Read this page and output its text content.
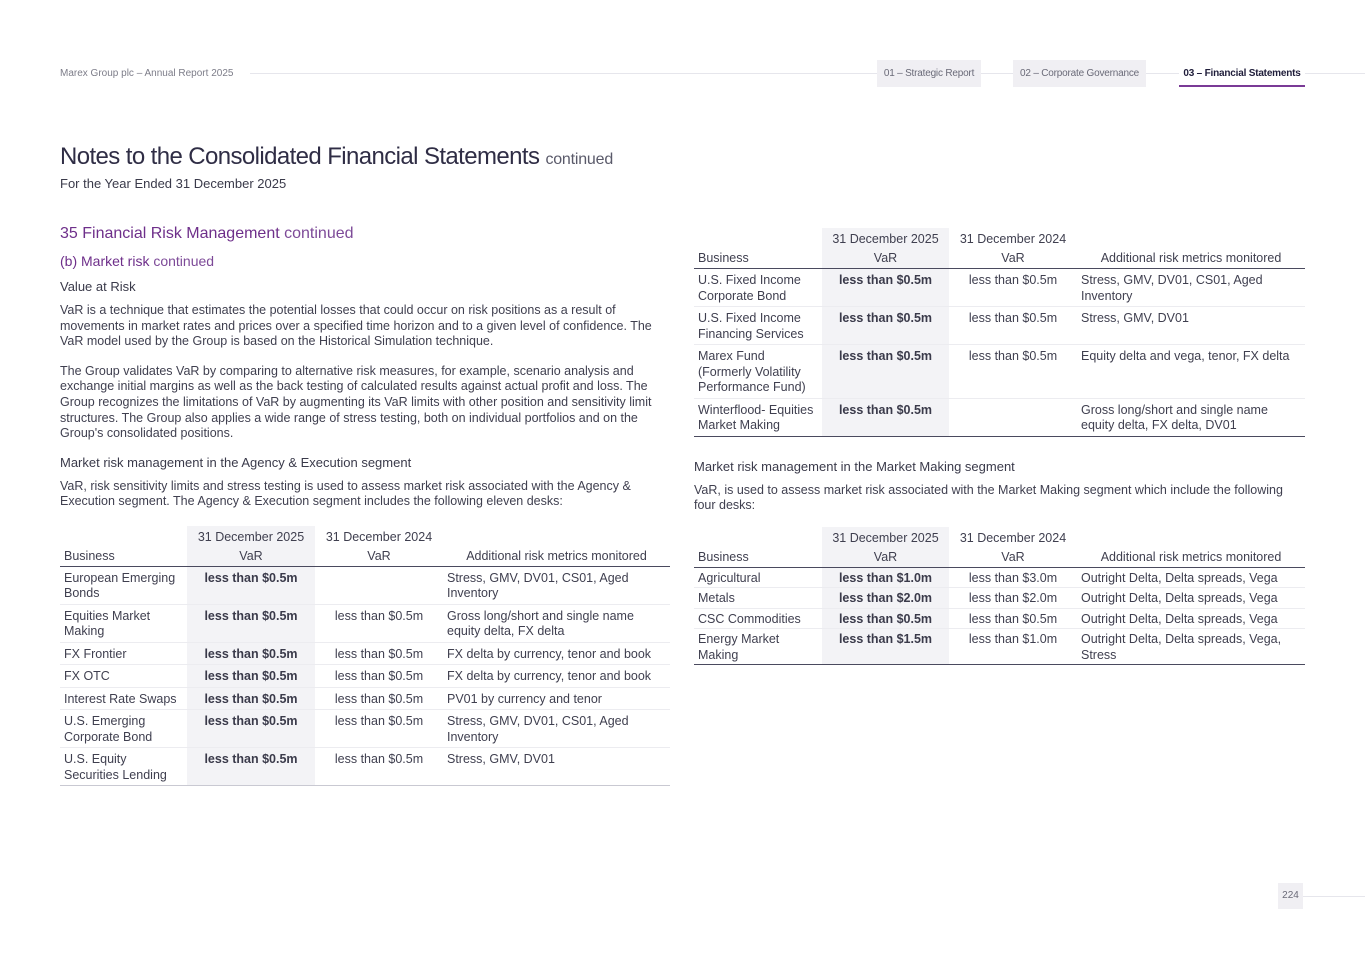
Marex Group plc – Annual Report 2025	01 – Strategic Report	02 – Corporate Governance	03 – Financial Statements
Notes to the Consolidated Financial Statements continued
For the Year Ended 31 December 2025
35 Financial Risk Management continued
(b) Market risk continued
Value at Risk

VaR is a technique that estimates the potential losses that could occur on risk positions as a result of movements in market rates and prices over a specified time horizon and to a given level of confidence. The VaR model used by the Group is based on the Historical Simulation technique.

The Group validates VaR by comparing to alternative risk measures, for example, scenario analysis and exchange initial margins as well as the back testing of calculated results against actual profit and loss. The Group recognizes the limitations of VaR by augmenting its VaR limits with other position and sensitivity limit structures. The Group also applies a wide range of stress testing, both on individual portfolios and on the Group's consolidated positions.

Market risk management in the Agency & Execution segment

VaR, risk sensitivity limits and stress testing is used to assess market risk associated with the Agency & Execution segment. The Agency & Execution segment includes the following eleven desks:

	31 December 2025	31 December 2024	
Business	VaR	VaR	Additional risk metrics monitored
European Emerging Bonds	less than $0.5m		Stress, GMV, DV01, CS01, Aged Inventory
Equities Market Making	less than $0.5m	less than $0.5m	Gross long/short and single name equity delta, FX delta
FX Frontier	less than $0.5m	less than $0.5m	FX delta by currency, tenor and book
FX OTC	less than $0.5m	less than $0.5m	FX delta by currency, tenor and book
Interest Rate Swaps	less than $0.5m	less than $0.5m	PV01 by currency and tenor
U.S. Emerging Corporate Bond	less than $0.5m	less than $0.5m	Stress, GMV, DV01, CS01, Aged Inventory
U.S. Equity Securities Lending	less than $0.5m	less than $0.5m	Stress, GMV, DV01
	31 December 2025	31 December 2024	
Business	VaR	VaR	Additional risk metrics monitored
U.S. Fixed Income Corporate Bond	less than $0.5m	less than $0.5m	Stress, GMV, DV01, CS01, Aged Inventory
U.S. Fixed Income Financing Services	less than $0.5m	less than $0.5m	Stress, GMV, DV01
Marex Fund (Formerly Volatility Performance Fund)	less than $0.5m	less than $0.5m	Equity delta and vega, tenor, FX delta
Winterflood- Equities Market Making	less than $0.5m		Gross long/short and single name equity delta, FX delta, DV01
Market risk management in the Market Making segment

VaR, is used to assess market risk associated with the Market Making segment which include the following four desks:

	31 December 2025	31 December 2024	
Business	VaR	VaR	Additional risk metrics monitored
Agricultural	less than $1.0m	less than $3.0m	Outright Delta, Delta spreads, Vega
Metals	less than $2.0m	less than $2.0m	Outright Delta, Delta spreads, Vega
CSC Commodities	less than $0.5m	less than $0.5m	Outright Delta, Delta spreads, Vega
Energy Market Making	less than $1.5m	less than $1.0m	Outright Delta, Delta spreads, Vega, Stress
224
